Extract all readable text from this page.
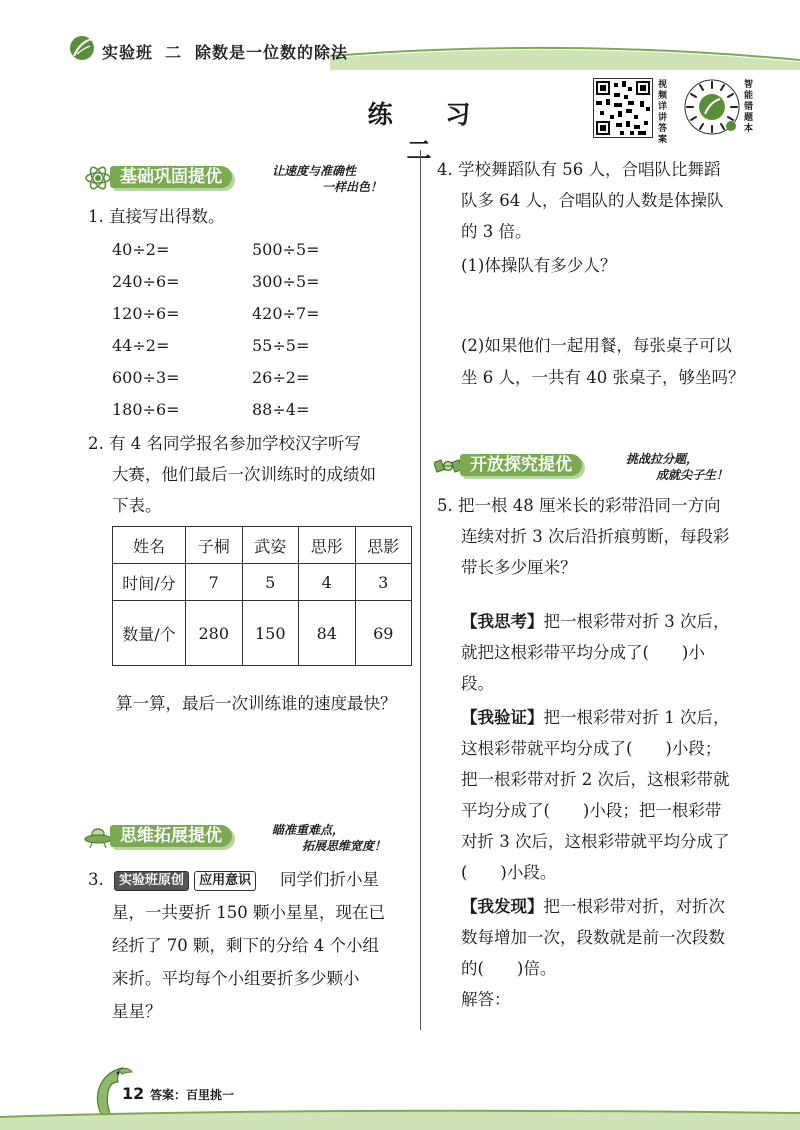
实验班 二 除数是一位数的除法
练 习 二
视频详讲答案
智能错题本
基础巩固提优	让速度与准确性
一样出色！
1. 直接写出得数。
40÷2=
240÷6=
120÷6=
44÷2=
600÷3=
180÷6=
500÷5=
300÷5=
420÷7=
55÷5=
26÷2=
88÷4=
2. 有 4 名同学报名参加学校汉字听写
大赛，他们最后一次训练时的成绩如
下表。
姓名	子桐	武姿	思彤	思影
时间/分	7	5	4	3
数量/个	280	150	84	69
算一算，最后一次训练谁的速度最快？
思维拓展提优	瞄准重难点，
拓展思维宽度！
3.	实验班原创 应用意识	同学们折小星
星，一共要折 150 颗小星星，现在已
经折了 70 颗，剩下的分给 4 个小组
来折。平均每个小组要折多少颗小
星星？
4. 学校舞蹈队有 56 人，合唱队比舞蹈
队多 64 人，合唱队的人数是体操队
的 3 倍。
(1)体操队有多少人？
(2)如果他们一起用餐，每张桌子可以
坐 6 人，一共有 40 张桌子，够坐吗？
开放探究提优	挑战拉分题，
成就尖子生！
5. 把一根 48 厘米长的彩带沿同一方向
连续对折 3 次后沿折痕剪断，每段彩
带长多少厘米？
【我思考】把一根彩带对折 3 次后，
就把这根彩带平均分成了(　　)小
段。
【我验证】把一根彩带对折 1 次后，
这根彩带就平均分成了(　　)小段；
把一根彩带对折 2 次后，这根彩带就
平均分成了(　　)小段；把一根彩带
对折 3 次后，这根彩带就平均分成了
(　　)小段。
【我发现】把一根彩带对折，对折次
数每增加一次，段数就是前一次段数
的(　　)倍。
解答：
12 答案：百里挑一
